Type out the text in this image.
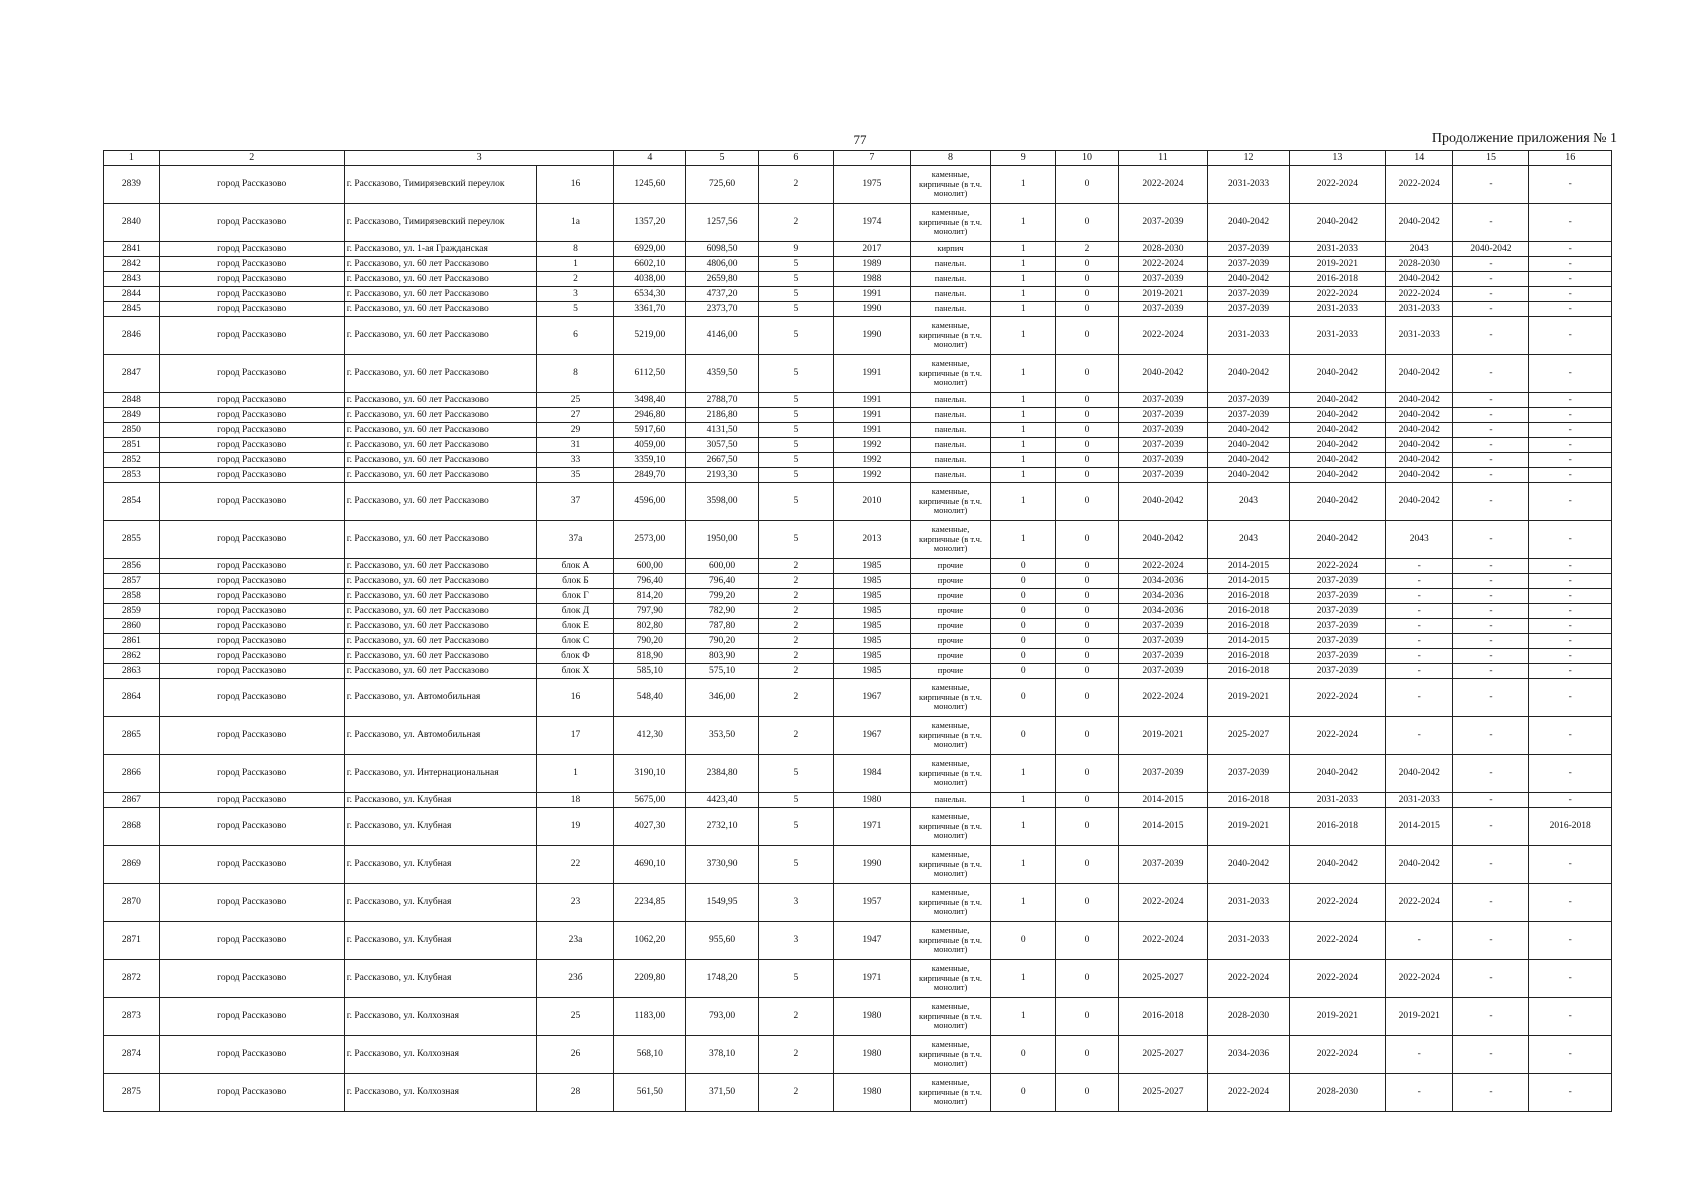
77	Продолжение приложения № 1
1	2	3		4	5	6	7	8	9	10	11	12	13	14	15	16
2839	город Рассказово	г. Рассказово, Тимирязевский переулок	16	1245,60	725,60	2	1975	каменные, кирпичные (в т.ч. монолит)	1	0	2022-2024	2031-2033	2022-2024	2022-2024	-	-
2840	город Рассказово	г. Рассказово, Тимирязевский переулок	1а	1357,20	1257,56	2	1974	каменные, кирпичные (в т.ч. монолит)	1	0	2037-2039	2040-2042	2040-2042	2040-2042	-	-
2841	город Рассказово	г. Рассказово, ул. 1-ая Гражданская	8	6929,00	6098,50	9	2017	кирпич	1	2	2028-2030	2037-2039	2031-2033	2043	2040-2042	-
2842	город Рассказово	г. Рассказово, ул. 60 лет Рассказово	1	6602,10	4806,00	5	1989	панельн.	1	0	2022-2024	2037-2039	2019-2021	2028-2030	-	-
2843	город Рассказово	г. Рассказово, ул. 60 лет Рассказово	2	4038,00	2659,80	5	1988	панельн.	1	0	2037-2039	2040-2042	2016-2018	2040-2042	-	-
2844	город Рассказово	г. Рассказово, ул. 60 лет Рассказово	3	6534,30	4737,20	5	1991	панельн.	1	0	2019-2021	2037-2039	2022-2024	2022-2024	-	-
2845	город Рассказово	г. Рассказово, ул. 60 лет Рассказово	5	3361,70	2373,70	5	1990	панельн.	1	0	2037-2039	2037-2039	2031-2033	2031-2033	-	-
2846	город Рассказово	г. Рассказово, ул. 60 лет Рассказово	6	5219,00	4146,00	5	1990	каменные, кирпичные (в т.ч. монолит)	1	0	2022-2024	2031-2033	2031-2033	2031-2033	-	-
2847	город Рассказово	г. Рассказово, ул. 60 лет Рассказово	8	6112,50	4359,50	5	1991	каменные, кирпичные (в т.ч. монолит)	1	0	2040-2042	2040-2042	2040-2042	2040-2042	-	-
2848	город Рассказово	г. Рассказово, ул. 60 лет Рассказово	25	3498,40	2788,70	5	1991	панельн.	1	0	2037-2039	2037-2039	2040-2042	2040-2042	-	-
2849	город Рассказово	г. Рассказово, ул. 60 лет Рассказово	27	2946,80	2186,80	5	1991	панельн.	1	0	2037-2039	2037-2039	2040-2042	2040-2042	-	-
2850	город Рассказово	г. Рассказово, ул. 60 лет Рассказово	29	5917,60	4131,50	5	1991	панельн.	1	0	2037-2039	2040-2042	2040-2042	2040-2042	-	-
2851	город Рассказово	г. Рассказово, ул. 60 лет Рассказово	31	4059,00	3057,50	5	1992	панельн.	1	0	2037-2039	2040-2042	2040-2042	2040-2042	-	-
2852	город Рассказово	г. Рассказово, ул. 60 лет Рассказово	33	3359,10	2667,50	5	1992	панельн.	1	0	2037-2039	2040-2042	2040-2042	2040-2042	-	-
2853	город Рассказово	г. Рассказово, ул. 60 лет Рассказово	35	2849,70	2193,30	5	1992	панельн.	1	0	2037-2039	2040-2042	2040-2042	2040-2042	-	-
2854	город Рассказово	г. Рассказово, ул. 60 лет Рассказово	37	4596,00	3598,00	5	2010	каменные, кирпичные (в т.ч. монолит)	1	0	2040-2042	2043	2040-2042	2040-2042	-	-
2855	город Рассказово	г. Рассказово, ул. 60 лет Рассказово	37а	2573,00	1950,00	5	2013	каменные, кирпичные (в т.ч. монолит)	1	0	2040-2042	2043	2040-2042	2043	-	-
2856	город Рассказово	г. Рассказово, ул. 60 лет Рассказово	блок А	600,00	600,00	2	1985	прочие	0	0	2022-2024	2014-2015	2022-2024	-	-	-
2857	город Рассказово	г. Рассказово, ул. 60 лет Рассказово	блок Б	796,40	796,40	2	1985	прочие	0	0	2034-2036	2014-2015	2037-2039	-	-	-
2858	город Рассказово	г. Рассказово, ул. 60 лет Рассказово	блок Г	814,20	799,20	2	1985	прочие	0	0	2034-2036	2016-2018	2037-2039	-	-	-
2859	город Рассказово	г. Рассказово, ул. 60 лет Рассказово	блок Д	797,90	782,90	2	1985	прочие	0	0	2034-2036	2016-2018	2037-2039	-	-	-
2860	город Рассказово	г. Рассказово, ул. 60 лет Рассказово	блок Е	802,80	787,80	2	1985	прочие	0	0	2037-2039	2016-2018	2037-2039	-	-	-
2861	город Рассказово	г. Рассказово, ул. 60 лет Рассказово	блок С	790,20	790,20	2	1985	прочие	0	0	2037-2039	2014-2015	2037-2039	-	-	-
2862	город Рассказово	г. Рассказово, ул. 60 лет Рассказово	блок Ф	818,90	803,90	2	1985	прочие	0	0	2037-2039	2016-2018	2037-2039	-	-	-
2863	город Рассказово	г. Рассказово, ул. 60 лет Рассказово	блок Х	585,10	575,10	2	1985	прочие	0	0	2037-2039	2016-2018	2037-2039	-	-	-
2864	город Рассказово	г. Рассказово, ул. Автомобильная	16	548,40	346,00	2	1967	каменные, кирпичные (в т.ч. монолит)	0	0	2022-2024	2019-2021	2022-2024	-	-	-
2865	город Рассказово	г. Рассказово, ул. Автомобильная	17	412,30	353,50	2	1967	каменные, кирпичные (в т.ч. монолит)	0	0	2019-2021	2025-2027	2022-2024	-	-	-
2866	город Рассказово	г. Рассказово, ул. Интернациональная	1	3190,10	2384,80	5	1984	каменные, кирпичные (в т.ч. монолит)	1	0	2037-2039	2037-2039	2040-2042	2040-2042	-	-
2867	город Рассказово	г. Рассказово, ул. Клубная	18	5675,00	4423,40	5	1980	панельн.	1	0	2014-2015	2016-2018	2031-2033	2031-2033	-	-
2868	город Рассказово	г. Рассказово, ул. Клубная	19	4027,30	2732,10	5	1971	каменные, кирпичные (в т.ч. монолит)	1	0	2014-2015	2019-2021	2016-2018	2014-2015	-	2016-2018
2869	город Рассказово	г. Рассказово, ул. Клубная	22	4690,10	3730,90	5	1990	каменные, кирпичные (в т.ч. монолит)	1	0	2037-2039	2040-2042	2040-2042	2040-2042	-	-
2870	город Рассказово	г. Рассказово, ул. Клубная	23	2234,85	1549,95	3	1957	каменные, кирпичные (в т.ч. монолит)	1	0	2022-2024	2031-2033	2022-2024	2022-2024	-	-
2871	город Рассказово	г. Рассказово, ул. Клубная	23а	1062,20	955,60	3	1947	каменные, кирпичные (в т.ч. монолит)	0	0	2022-2024	2031-2033	2022-2024	-	-	-
2872	город Рассказово	г. Рассказово, ул. Клубная	23б	2209,80	1748,20	5	1971	каменные, кирпичные (в т.ч. монолит)	1	0	2025-2027	2022-2024	2022-2024	2022-2024	-	-
2873	город Рассказово	г. Рассказово, ул. Колхозная	25	1183,00	793,00	2	1980	каменные, кирпичные (в т.ч. монолит)	1	0	2016-2018	2028-2030	2019-2021	2019-2021	-	-
2874	город Рассказово	г. Рассказово, ул. Колхозная	26	568,10	378,10	2	1980	каменные, кирпичные (в т.ч. монолит)	0	0	2025-2027	2034-2036	2022-2024	-	-	-
2875	город Рассказово	г. Рассказово, ул. Колхозная	28	561,50	371,50	2	1980	каменные, кирпичные (в т.ч. монолит)	0	0	2025-2027	2022-2024	2028-2030	-	-	-
